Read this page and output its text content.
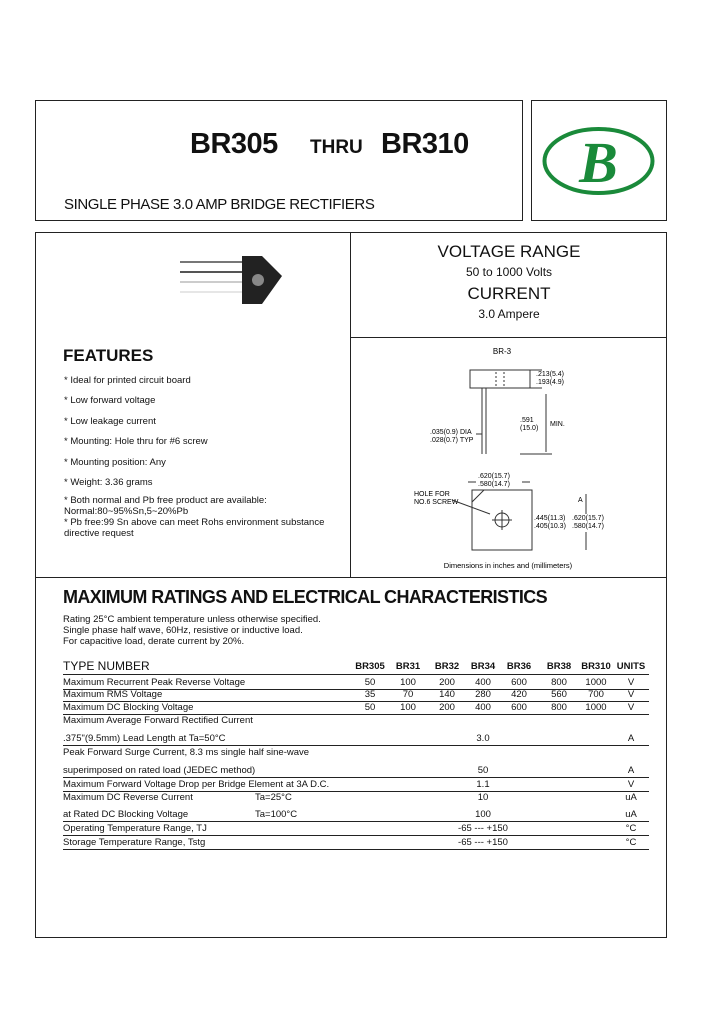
BR305 THRU BR310
SINGLE PHASE 3.0 AMP BRIDGE RECTIFIERS
B
VOLTAGE RANGE
50 to 1000 Volts
CURRENT
3.0 Ampere
FEATURES
* Ideal for printed circuit board
* Low forward voltage
* Low leakage current
* Mounting: Hole thru for #6 screw
* Mounting position: Any
* Weight: 3.36 grams
* Both normal and Pb free product are available:
Normal:80~95%Sn,5~20%Pb
* Pb free:99 Sn above can meet Rohs environment substance
directive request
BR-3
.213(5.4)
.193(4.9)
.591
(15.0)
MIN.
.035(0.9) DIA
.028(0.7) TYP
.620(15.7)
.580(14.7)
HOLE FOR
NO.6 SCREW	A
.445(11.3)
.405(10.3)
.620(15.7)
.580(14.7)
Dimensions in inches and (millimeters)
MAXIMUM RATINGS AND ELECTRICAL CHARACTERISTICS
Rating 25°C ambient temperature unless otherwise specified.
Single phase half wave, 60Hz, resistive or inductive load.
For capacitive load, derate current by 20%.
TYPE NUMBER	BR305	BR31	BR32	BR34	BR36	BR38	BR310 UNITS
Maximum Recurrent Peak Reverse Voltage	50	100	200	400	600	800	1000	V
Maximum RMS Voltage	35	70	140	280	420	560	700	V
Maximum DC Blocking Voltage	50	100	200	400	600	800	1000	V
Maximum Average Forward Rectified Current
.375"(9.5mm) Lead Length at Ta=50°C	3.0	A
Peak Forward Surge Current, 8.3 ms single half sine-wave
superimposed on rated load (JEDEC method)	50	A
Maximum Forward Voltage Drop per Bridge Element at 3A D.C.	1.1	V
Maximum DC Reverse Current	Ta=25°C	10	uA
at Rated DC Blocking Voltage	Ta=100°C	100	uA
Operating Temperature Range, TJ	-65 --- +150	°C
Storage Temperature Range, Tstg	-65 --- +150	°C
